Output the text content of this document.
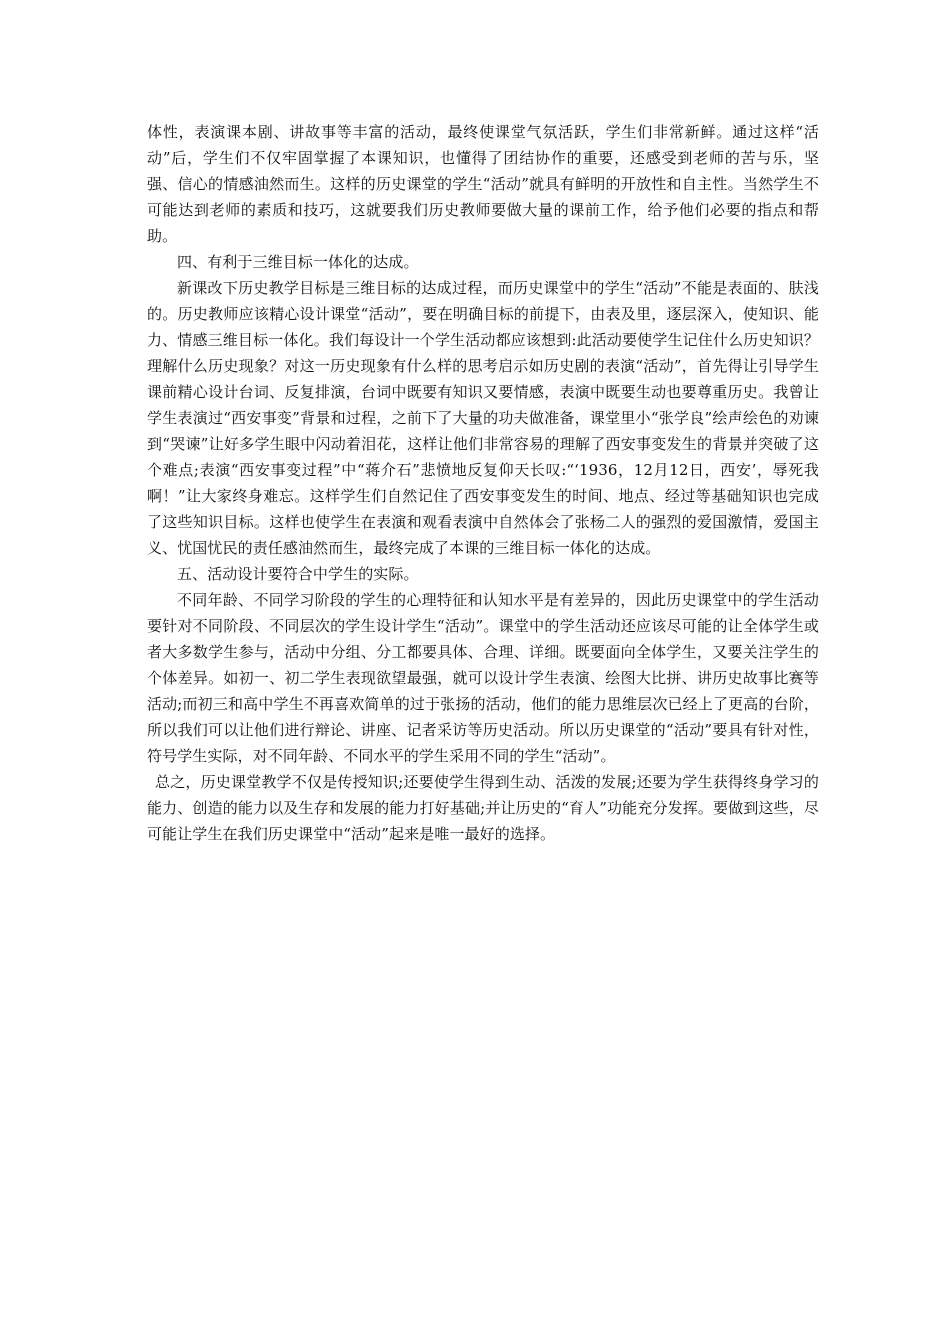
体性，表演课本剧、讲故事等丰富的活动，最终使课堂气氛活跃，学生们非常新鲜。通过这样“活动”后，学生们不仅牢固掌握了本课知识，也懂得了团结协作的重要，还感受到老师的苦与乐，坚强、信心的情感油然而生。这样的历史课堂的学生“活动”就具有鲜明的开放性和自主性。当然学生不可能达到老师的素质和技巧，这就要我们历史教师要做大量的课前工作，给予他们必要的指点和帮助。

四、有利于三维目标一体化的达成。

新课改下历史教学目标是三维目标的达成过程，而历史课堂中的学生“活动”不能是表面的、肤浅的。历史教师应该精心设计课堂“活动”，要在明确目标的前提下，由表及里，逐层深入，使知识、能力、情感三维目标一体化。我们每设计一个学生活动都应该想到:此活动要使学生记住什么历史知识？理解什么历史现象？对这一历史现象有什么样的思考启示如历史剧的表演“活动”，首先得让引导学生课前精心设计台词、反复排演，台词中既要有知识又要情感，表演中既要生动也要尊重历史。我曾让学生表演过“西安事变”背景和过程，之前下了大量的功夫做准备，课堂里小“张学良”绘声绘色的劝谏到“哭谏”让好多学生眼中闪动着泪花，这样让他们非常容易的理解了西安事变发生的背景并突破了这个难点;表演“西安事变过程”中“蒋介石”悲愤地反复仰天长叹:“‘1936，12月12日，西安’，辱死我啊！”让大家终身难忘。这样学生们自然记住了西安事变发生的时间、地点、经过等基础知识也完成了这些知识目标。这样也使学生在表演和观看表演中自然体会了张杨二人的强烈的爱国激情，爱国主义、忧国忧民的责任感油然而生，最终完成了本课的三维目标一体化的达成。

五、活动设计要符合中学生的实际。

不同年龄、不同学习阶段的学生的心理特征和认知水平是有差异的，因此历史课堂中的学生活动要针对不同阶段、不同层次的学生设计学生“活动”。课堂中的学生活动还应该尽可能的让全体学生或者大多数学生参与，活动中分组、分工都要具体、合理、详细。既要面向全体学生，又要关注学生的个体差异。如初一、初二学生表现欲望最强，就可以设计学生表演、绘图大比拼、讲历史故事比赛等活动;而初三和高中学生不再喜欢简单的过于张扬的活动，他们的能力思维层次已经上了更高的台阶，所以我们可以让他们进行辩论、讲座、记者采访等历史活动。所以历史课堂的“活动”要具有针对性，符号学生实际，对不同年龄、不同水平的学生采用不同的学生“活动”。

总之，历史课堂教学不仅是传授知识;还要使学生得到生动、活泼的发展;还要为学生获得终身学习的能力、创造的能力以及生存和发展的能力打好基础;并让历史的“育人”功能充分发挥。要做到这些，尽可能让学生在我们历史课堂中“活动”起来是唯一最好的选择。
